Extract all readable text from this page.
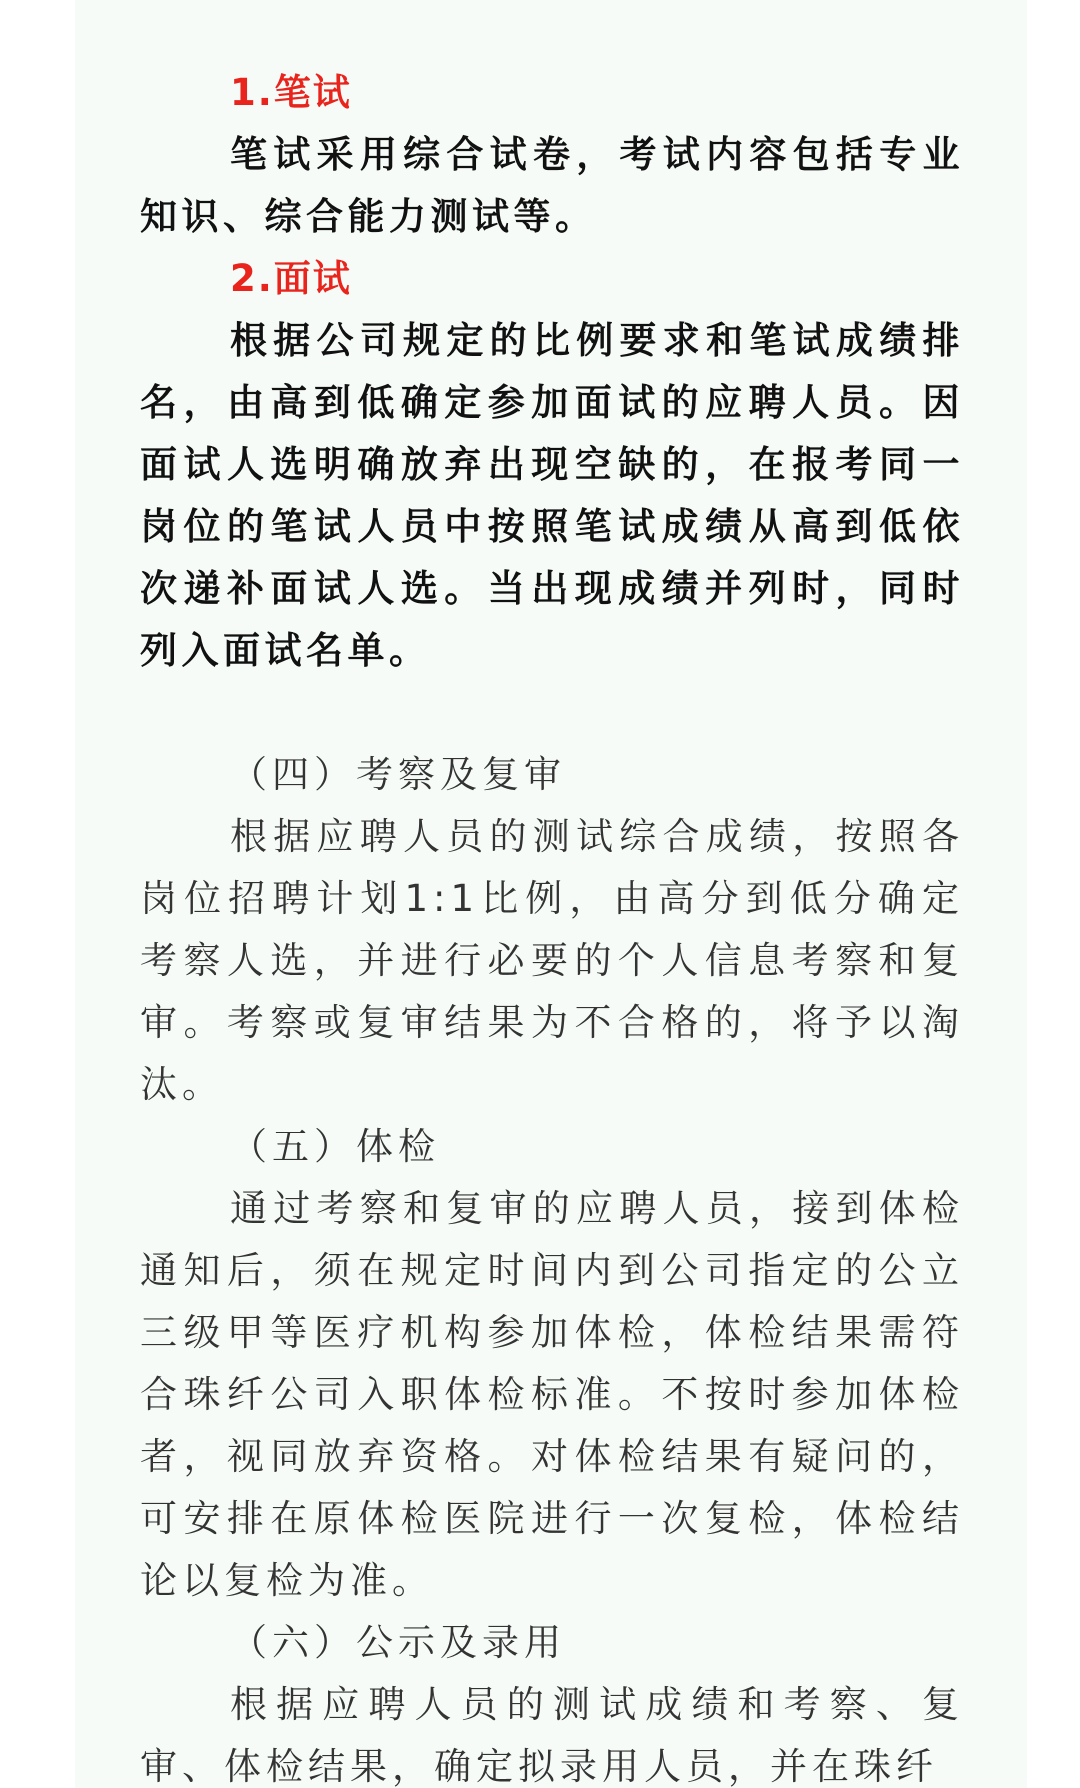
1.笔试

笔试采用综合试卷，考试内容包括专业知识、综合能力测试等。

2.面试

根据公司规定的比例要求和笔试成绩排名，由高到低确定参加面试的应聘人员。因面试人选明确放弃出现空缺的，在报考同一岗位的笔试人员中按照笔试成绩从高到低依次递补面试人选。当出现成绩并列时，同时列入面试名单。

（四）考察及复审

根据应聘人员的测试综合成绩，按照各岗位招聘计划1:1比例，由高分到低分确定考察人选，并进行必要的个人信息考察和复审。考察或复审结果为不合格的，将予以淘汰。

（五）体检

通过考察和复审的应聘人员，接到体检通知后，须在规定时间内到公司指定的公立三级甲等医疗机构参加体检，体检结果需符合珠纤公司入职体检标准。不按时参加体检者，视同放弃资格。对体检结果有疑问的，可安排在原体检医院进行一次复检，体检结论以复检为准。

（六）公示及录用

根据应聘人员的测试成绩和考察、复审、体检结果，确定拟录用人员，并在珠纤
